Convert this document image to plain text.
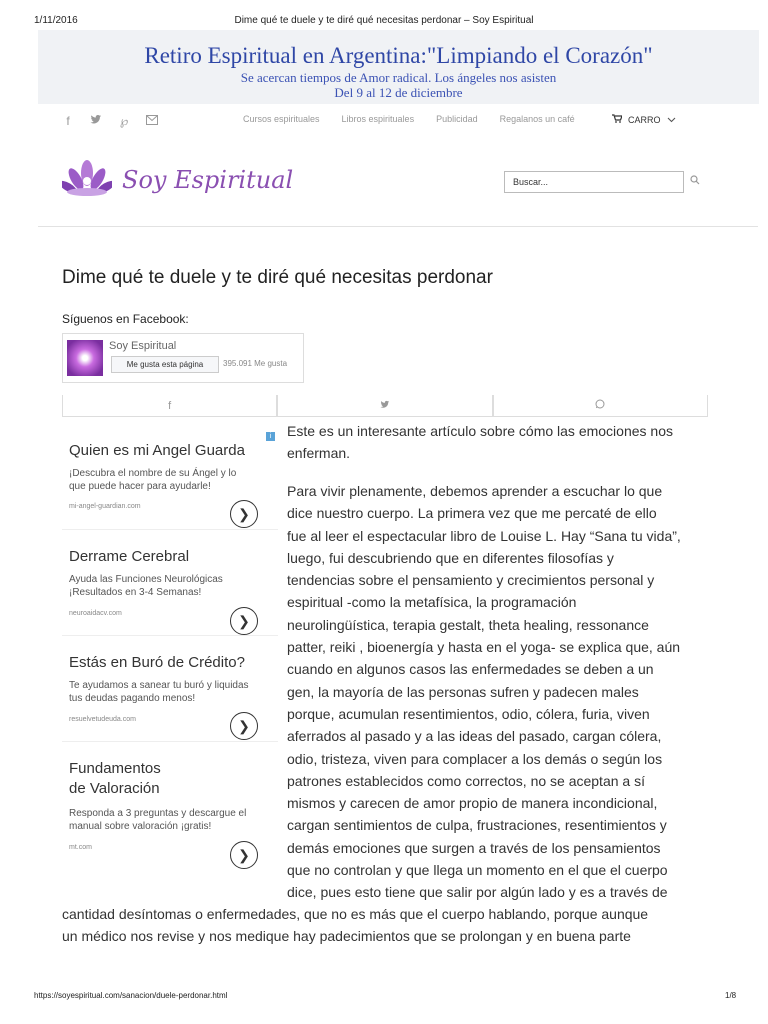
1/11/2016	Dime qué te duele y te diré qué necesitas perdonar – Soy Espiritual
Retiro Espiritual en Argentina:"Limpiando el Corazón"
Se acercan tiempos de Amor radical. Los ángeles nos asisten
Del 9 al 12 de diciembre
f	℘	Cursos espirituales Libros espirituales Publicidad Regalanos un café	CARRO
Soy Espiritual	Buscar...
Dime qué te duele y te diré qué necesitas perdonar
Síguenos en Facebook:
Soy Espiritual
Me gusta esta página	395.091 Me gusta
f
i
Quien es mi Angel Guarda
¡Descubra el nombre de su Ángel y lo
que puede hacer para ayudarle!
mi-angel-guardian.com	❯
Derrame Cerebral
Ayuda las Funciones Neurológicas
¡Resultados en 3-4 Semanas!
neuroaidacv.com	❯
Estás en Buró de Crédito?
Te ayudamos a sanear tu buró y liquidas
tus deudas pagando menos!
resuelvetudeuda.com	❯
Fundamentos
de Valoración
Responda a 3 preguntas y descargue el
manual sobre valoración ¡gratis!
mt.com	❯
Este es un interesante artículo sobre cómo las emociones nos
enferman.
Para vivir plenamente, debemos aprender a escuchar lo que
dice nuestro cuerpo. La primera vez que me percaté de ello
fue al leer el espectacular libro de Louise L. Hay “Sana tu vida”,
luego, fui descubriendo que en diferentes filosofías y
tendencias sobre el pensamiento y crecimientos personal y
espiritual -como la metafísica, la programación
neurolingüística, terapia gestalt, theta healing, ressonance
patter, reiki , bioenergía y hasta en el yoga- se explica que, aún
cuando en algunos casos las enfermedades se deben a un
gen, la mayoría de las personas sufren y padecen males
porque, acumulan resentimientos, odio, cólera, furia, viven
aferrados al pasado y a las ideas del pasado, cargan cólera,
odio, tristeza, viven para complacer a los demás o según los
patrones establecidos como correctos, no se aceptan a sí
mismos y carecen de amor propio de manera incondicional,
cargan sentimientos de culpa, frustraciones, resentimientos y
demás emociones que surgen a través de los pensamientos
que no controlan y que llega un momento en el que el cuerpo
dice, pues esto tiene que salir por algún lado y es a través de
cantidad desíntomas o enfermedades, que no es más que el cuerpo hablando, porque aunque
un médico nos revise y nos medique hay padecimientos que se prolongan y en buena parte
https://soyespiritual.com/sanacion/duele-perdonar.html	1/8
